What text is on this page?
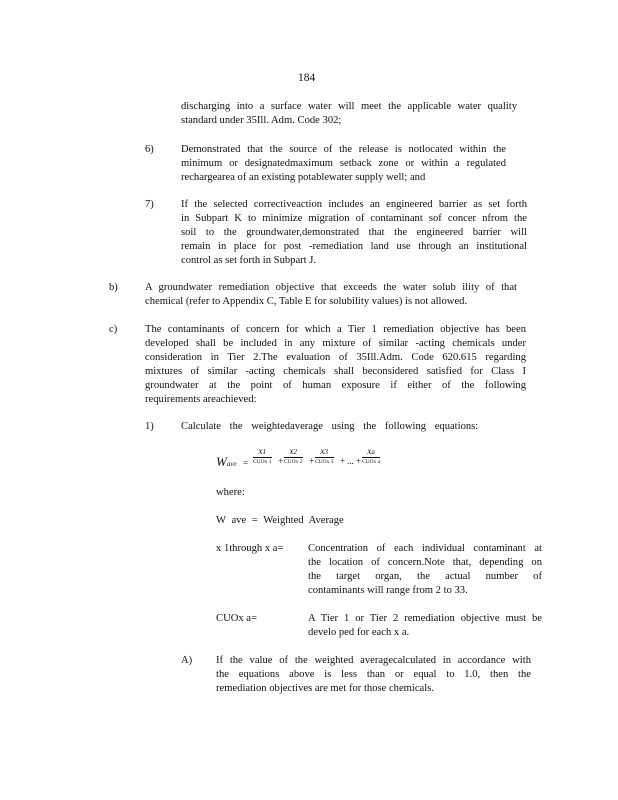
184
discharging into a surface water will meet the applicable water quality
standard under 35Ill. Adm. Code 302;
6)	Demonstrated that the source of the release is notlocated within the
minimum or designatedmaximum setback zone or within a regulated
rechargearea of an existing potablewater supply well; and
7)	If the selected correctiveaction includes an engineered barrier as set forth
in Subpart K to minimize migration of contaminant sof concer nfrom the
soil to the groundwater,demonstrated that the engineered barrier will
remain in place for post -remediation land use through an institutional
control as set forth in Subpart J.
b)	A groundwater remediation objective that exceeds the water solub ility of that
chemical (refer to Appendix C, Table E for solubility values) is not allowed.
c)	The contaminants of concern for which a Tier 1 remediation objective has been
developed shall be included in any mixture of similar -acting chemicals under
consideration in Tier 2.The evaluation of 35Ill.Adm. Code 620.615 regarding
mixtures of similar -acting chemicals shall beconsidered satisfied for Class I
groundwater at the point of human exposure if either of the following
requirements areachieved:
1)	Calculate the weightedaverage using the following equations:
Wave =
x1
CUOx 1 +
x2
CUOx 2 +
x3
CUOx 3 + ... +
xa
CUOx a
where:
W ave = Weighted Average
x 1through x a= Concentration of each individual contaminant at
the location of concern.Note that, depending on
the target organ, the actual number of
contaminants will range from 2 to 33.
CUOx a=	A Tier 1 or Tier 2 remediation objective must be
develo ped for each x a.
A) If the value of the weighted averagecalculated in accordance with
the equations above is less than or equal to 1.0, then the
remediation objectives are met for those chemicals.
